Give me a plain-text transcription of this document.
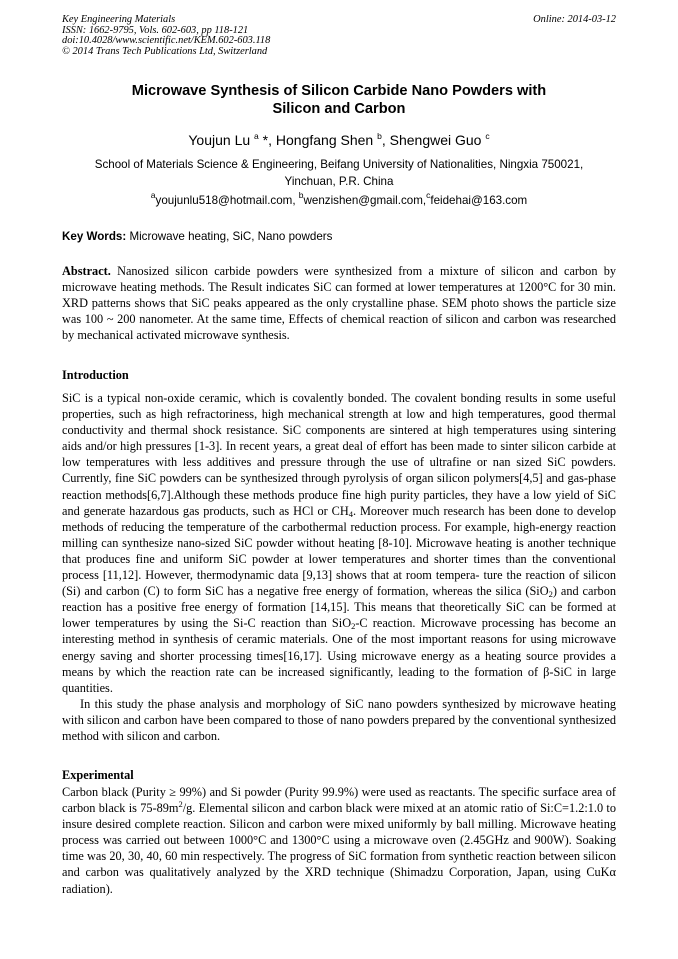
Key Engineering Materials
ISSN: 1662-9795, Vols. 602-603, pp 118-121
doi:10.4028/www.scientific.net/KEM.602-603.118
© 2014 Trans Tech Publications Ltd, Switzerland
Online: 2014-03-12
Microwave Synthesis of Silicon Carbide Nano Powders with
Silicon and Carbon
Youjun Lu $^a$ *, Hongfang Shen $^b$, Shengwei Guo $^c$
School of Materials Science & Engineering, Beifang University of Nationalities, Ningxia 750021,
Yinchuan, P.R. China
$^a$youjunlu518@hotmail.com, $^b$wenzishen@gmail.com,$^c$feidehai@163.com
Key Words: Microwave heating, SiC, Nano powders
Abstract. Nanosized silicon carbide powders were synthesized from a mixture of silicon and carbon by microwave heating methods. The Result indicates SiC can formed at lower temperatures at 1200°C for 30 min. XRD patterns shows that SiC peaks appeared as the only crystalline phase. SEM photo shows the particle size was 100 ~ 200 nanometer. At the same time, Effects of chemical reaction of silicon and carbon was researched by mechanical activated microwave synthesis.
Introduction

SiC is a typical non-oxide ceramic, which is covalently bonded. The covalent bonding results in some useful properties, such as high refractoriness, high mechanical strength at low and high temperatures, good thermal conductivity and thermal shock resistance. SiC components are sintered at high temperatures using sintering aids and/or high pressures [1-3]. In recent years, a great deal of effort has been made to sinter silicon carbide at low temperatures with less additives and pressure through the use of ultrafine or nan sized SiC powders. Currently, fine SiC powders can be synthesized through pyrolysis of organ silicon polymers[4,5] and gas-phase reaction methods[6,7].Although these methods produce fine high purity particles, they have a low yield of SiC and generate hazardous gas products, such as HCl or $CH_4$. Moreover much research has been done to develop methods of reducing the temperature of the carbothermal reduction process. For example, high-energy reaction milling can synthesize nano-sized SiC powder without heating [8-10]. Microwave heating is another technique that produces fine and uniform SiC powder at lower temperatures and shorter times than the conventional process [11,12]. However, thermodynamic data [9,13] shows that at room tempera- ture the reaction of silicon (Si) and carbon (C) to form SiC has a negative free energy of formation, whereas the silica (SiO$_2$) and carbon reaction has a positive free energy of formation [14,15]. This means that theoretically SiC can be formed at lower temperatures by using the Si-C reaction than SiO$_2$-C reaction. Microwave processing has become an interesting method in synthesis of ceramic materials. One of the most important reasons for using microwave energy saving and shorter processing times[16,17]. Using microwave energy as a heating source provides a means by which the reaction rate can be increased significantly, leading to the formation of β-SiC in large quantities.

In this study the phase analysis and morphology of SiC nano powders synthesized by microwave heating with silicon and carbon have been compared to those of nano powders prepared by the conventional synthesized method with silicon and carbon.

Experimental

Carbon black (Purity ≥ 99%) and Si powder (Purity 99.9%) were used as reactants. The specific surface area of carbon black is $75-89m^2/g$. Elemental silicon and carbon black were mixed at an atomic ratio of Si:C=1.2:1.0 to insure desired complete reaction. Silicon and carbon were mixed uniformly by ball milling. Microwave heating process was carried out between 1000°C and 1300°C using a microwave oven (2.45GHz and 900W). Soaking time was 20, 30, 40, 60 min respectively. The progress of SiC formation from synthetic reaction between silicon and carbon was qualitatively analyzed by the XRD technique (Shimadzu Corporation, Japan, using CuKα radiation).
